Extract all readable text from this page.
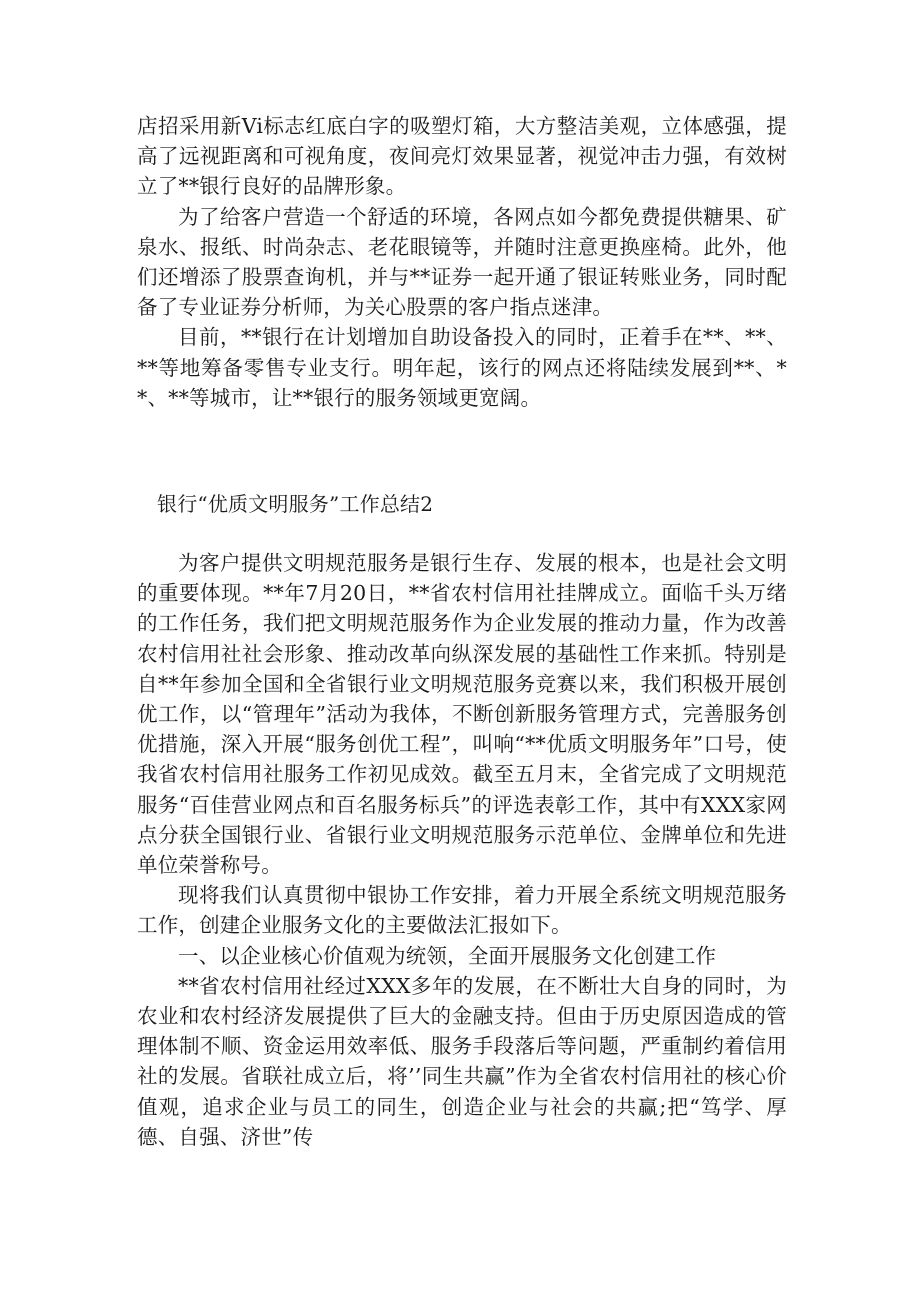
店招采用新Vi标志红底白字的吸塑灯箱，大方整洁美观，立体感强，提高了远视距离和可视角度，夜间亮灯效果显著，视觉冲击力强，有效树立了**银行良好的品牌形象。

为了给客户营造一个舒适的环境，各网点如今都免费提供糖果、矿泉水、报纸、时尚杂志、老花眼镜等，并随时注意更换座椅。此外，他们还增添了股票查询机，并与**证券一起开通了银证转账业务，同时配备了专业证券分析师，为关心股票的客户指点迷津。

目前，**银行在计划增加自助设备投入的同时，正着手在**、**、**等地筹备零售专业支行。明年起，该行的网点还将陆续发展到**、**、**等城市，让**银行的服务领域更宽阔。

银行“优质文明服务”工作总结2

为客户提供文明规范服务是银行生存、发展的根本，也是社会文明的重要体现。**年7月20日，**省农村信用社挂牌成立。面临千头万绪的工作任务，我们把文明规范服务作为企业发展的推动力量，作为改善农村信用社社会形象、推动改革向纵深发展的基础性工作来抓。特别是自**年参加全国和全省银行业文明规范服务竞赛以来，我们积极开展创优工作，以“管理年”活动为我体，不断创新服务管理方式，完善服务创优措施，深入开展“服务创优工程”，叫响“**优质文明服务年”口号，使我省农村信用社服务工作初见成效。截至五月末，全省完成了文明规范服务“百佳营业网点和百名服务标兵”的评选表彰工作，其中有XXX家网点分获全国银行业、省银行业文明规范服务示范单位、金牌单位和先进单位荣誉称号。

现将我们认真贯彻中银协工作安排，着力开展全系统文明规范服务工作，创建企业服务文化的主要做法汇报如下。

一、以企业核心价值观为统领，全面开展服务文化创建工作

**省农村信用社经过XXX多年的发展，在不断壮大自身的同时，为农业和农村经济发展提供了巨大的金融支持。但由于历史原因造成的管理体制不顺、资金运用效率低、服务手段落后等问题，严重制约着信用社的发展。省联社成立后，将’’同生共赢”作为全省农村信用社的核心价值观，追求企业与员工的同生，创造企业与社会的共赢;把“笃学、厚德、自强、济世”传
